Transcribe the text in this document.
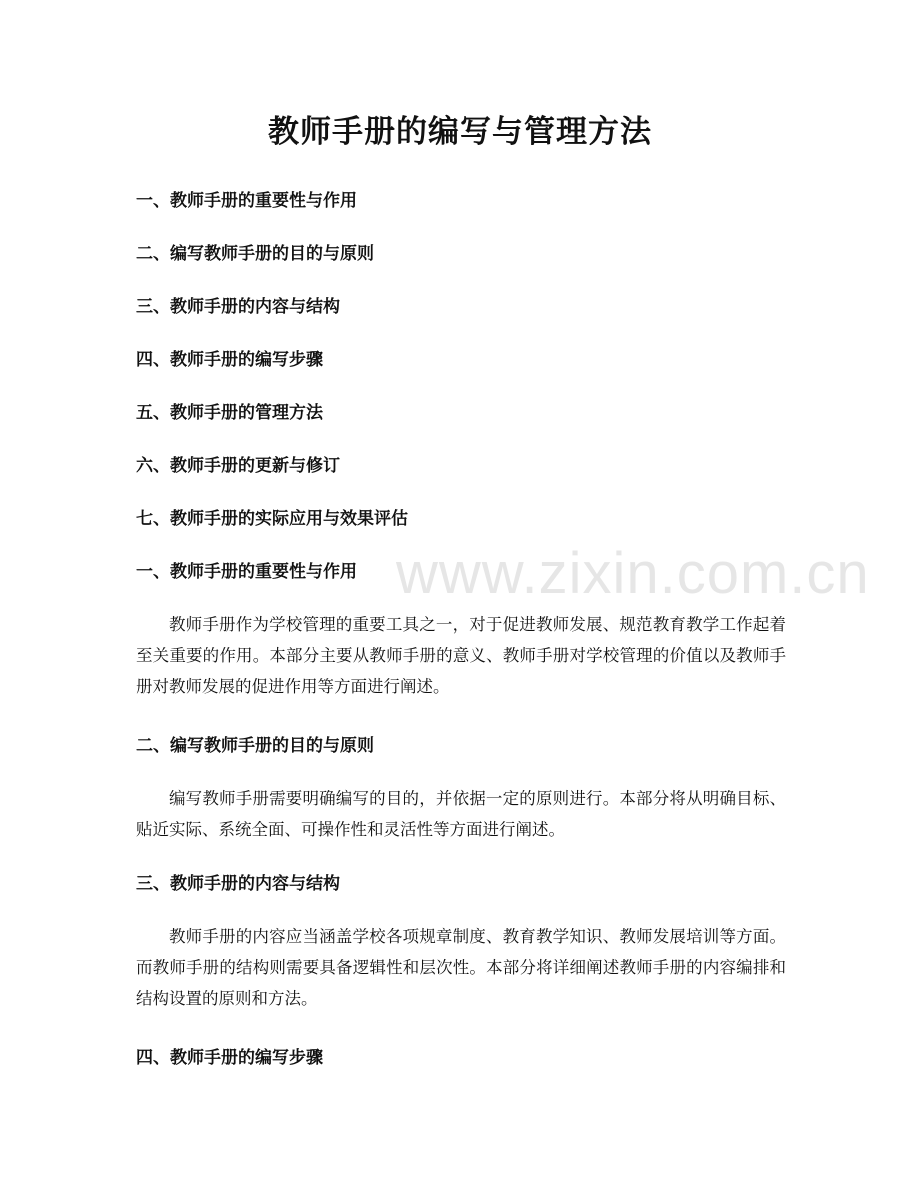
教师手册的编写与管理方法

一、教师手册的重要性与作用

二、编写教师手册的目的与原则

三、教师手册的内容与结构

四、教师手册的编写步骤

五、教师手册的管理方法

六、教师手册的更新与修订

七、教师手册的实际应用与效果评估

一、教师手册的重要性与作用

教师手册作为学校管理的重要工具之一，对于促进教师发展、规范教育教学工作起着至关重要的作用。本部分主要从教师手册的意义、教师手册对学校管理的价值以及教师手册对教师发展的促进作用等方面进行阐述。

二、编写教师手册的目的与原则

编写教师手册需要明确编写的目的，并依据一定的原则进行。本部分将从明确目标、贴近实际、系统全面、可操作性和灵活性等方面进行阐述。

三、教师手册的内容与结构

教师手册的内容应当涵盖学校各项规章制度、教育教学知识、教师发展培训等方面。而教师手册的结构则需要具备逻辑性和层次性。本部分将详细阐述教师手册的内容编排和结构设置的原则和方法。

四、教师手册的编写步骤

www.zixin.com.cn
